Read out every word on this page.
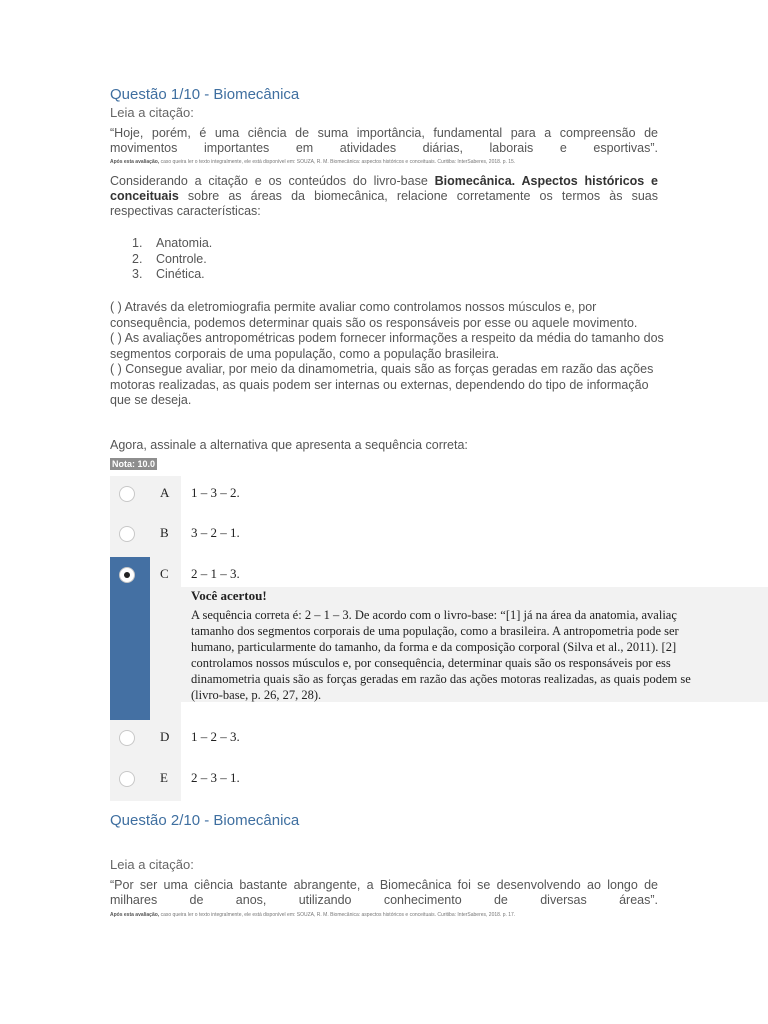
Questão 1/10 - Biomecânica
Leia a citação:
“Hoje, porém, é uma ciência de suma importância, fundamental para a compreensão de movimentos importantes em atividades diárias, laborais e esportivas”.
Após esta avaliação, caso queira ler o texto integralmente, ele está disponível em: SOUZA, R. M. Biomecânica: aspectos históricos e conceituais. Curitiba: InterSaberes, 2018. p. 15.
Considerando a citação e os conteúdos do livro-base Biomecânica. Aspectos históricos e conceituais sobre as áreas da biomecânica, relacione corretamente os termos às suas respectivas características:
1. Anatomia.
2. Controle.
3. Cinética.
( ) Através da eletromiografia permite avaliar como controlamos nossos músculos e, por consequência, podemos determinar quais são os responsáveis por esse ou aquele movimento.
( ) As avaliações antropométricas podem fornecer informações a respeito da média do tamanho dos segmentos corporais de uma população, como a população brasileira.
( ) Consegue avaliar, por meio da dinamometria, quais são as forças geradas em razão das ações motoras realizadas, as quais podem ser internas ou externas, dependendo do tipo de informação que se deseja.
Agora, assinale a alternativa que apresenta a sequência correta:
Nota: 10.0
A 1 – 3 – 2.
B 3 – 2 – 1.
C 2 – 1 – 3.
Você acertou!
A sequência correta é: 2 – 1 – 3. De acordo com o livro-base: “[1] já na área da anatomia, avaliaç
tamanho dos segmentos corporais de uma população, como a brasileira. A antropometria pode ser
humano, particularmente do tamanho, da forma e da composição corporal (Silva et al., 2011). [2]
controlamos nossos músculos e, por consequência, determinar quais são os responsáveis por ess
dinamometria quais são as forças geradas em razão das ações motoras realizadas, as quais podem se
(livro-base, p. 26, 27, 28).
D 1 – 2 – 3.
E 2 – 3 – 1.
Questão 2/10 - Biomecânica
Leia a citação:
“Por ser uma ciência bastante abrangente, a Biomecânica foi se desenvolvendo ao longo de milhares de anos, utilizando conhecimento de diversas áreas”.
Após esta avaliação, caso queira ler o texto integralmente, ele está disponível em: SOUZA, R. M. Biomecânica: aspectos históricos e conceituais. Curitiba: InterSaberes, 2018. p. 17.
